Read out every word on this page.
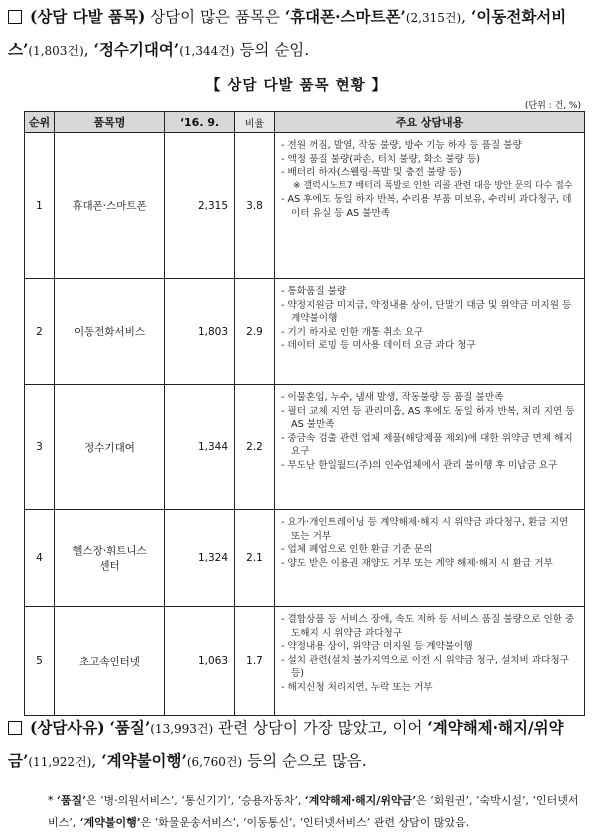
(상담 다발 품목) 상담이 많은 품목은 ‘휴대폰·스마트폰’(2,315건), ‘이동전화서비스’(1,803건), ‘정수기대여’(1,344건) 등의 순임.
【 상담 다발 품목 현황 】
(단위 : 건, %)
순위	품목명	‘16. 9.	비율	주요 상담내용
1	휴대폰·스마트폰	2,315	3.8	- 전원 꺼짐, 발열, 작동 불량, 방수 기능 하자 등 품질 불량
- 액정 품질 불량(파손, 터치 불량, 화소 불량 등)
- 배터리 하자(스웰링·폭발 및 충전 불량 등)
※ 갤럭시노트7 배터리 폭발로 인한 리콜 관련 대응 방안 문의 다수 접수
- AS 후에도 동일 하자 반복, 수리용 부품 미보유, 수리비 과다청구, 데이터 유실 등 AS 불만족

2	이동전화서비스	1,803	2.9	- 통화품질 불량
- 약정지원금 미지급, 약정내용 상이, 단말기 대금 및 위약금 미지원 등 계약불이행
- 기기 하자로 인한 개통 취소 요구
- 데이터 로밍 등 미사용 데이터 요금 과다 청구

3	정수기대여	1,344	2.2	- 이물혼입, 누수, 냄새 발생, 작동불량 등 품질 불만족
- 필터 교체 지연 등 관리미흡, AS 후에도 동일 하자 반복, 처리 지연 등 AS 불만족
- 중금속 검출 관련 업체 제품(해당제품 제외)에 대한 위약금 면제 해지 요구
- 부도난 한일월드(주)의 인수업체에서 관리 불이행 후 미납금 요구

4	헬스장·휘트니스센터	1,324	2.1	- 요가·개인트레이닝 등 계약해제·해지 시 위약금 과다청구, 환급 지연 또는 거부
- 업체 폐업으로 인한 환급 기준 문의
- 양도 받은 이용권 재양도 거부 또는 계약 해제·해지 시 환급 거부

5	초고속인터넷	1,063	1.7	- 결합상품 등 서비스 장애, 속도 저하 등 서비스 품질 불량으로 인한 중도해지 시 위약금 과다청구
- 약정내용 상이, 위약금 미지원 등 계약불이행
- 설치 관련(설치 불가지역으로 이전 시 위약금 청구, 설치비 과다청구 등)
- 해지신청 처리지연, 누락 또는 거부
(상담사유) ‘품질’(13,993건) 관련 상담이 가장 많았고, 이어 ‘계약해제·해지/위약금’(11,922건), ‘계약불이행’(6,760건) 등의 순으로 많음.
* ‘품질’은 ‘병·의원서비스’, ‘통신기기’, ‘승용자동차’, ‘계약해제·해지/위약금’은 ‘회원권’, ‘숙박시설’, ‘인터넷서비스’, ‘계약불이행’은 ‘화물운송서비스’, ‘이동통신’, ‘인터넷서비스’ 관련 상담이 많았음.
